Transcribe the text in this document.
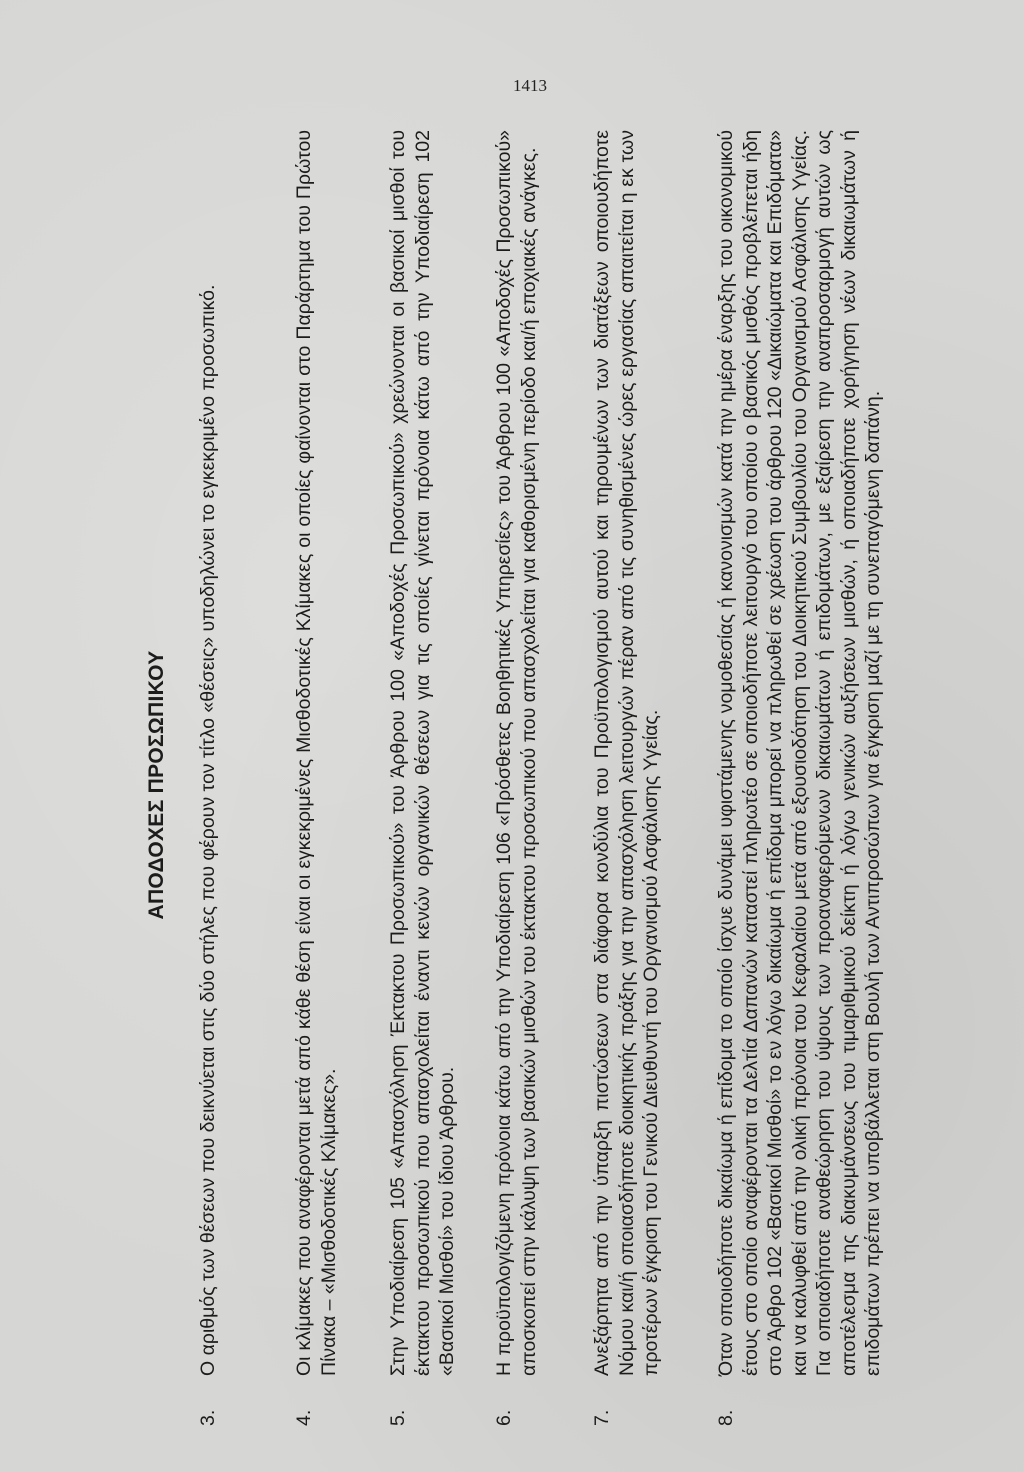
1413
ΑΠΟΔΟΧΕΣ ΠΡΟΣΩΠΙΚΟΥ
3.
Ο αριθμός των θέσεων που δεικνύεται στις δύο στήλες που φέρουν τον τίτλο «θέσεις» υποδηλώνει το εγκεκριμένο προσωπικό.
4.
Οι κλίμακες που αναφέρονται μετά από κάθε θέση είναι οι εγκεκριμένες Μισθοδοτικές Κλίμακες οι οποίες φαίνονται στο Παράρτημα του Πρώτου Πίνακα – «Μισθοδοτικές Κλίμακες».
5.
Στην Υποδιαίρεση 105 «Απασχόληση Έκτακτου Προσωπικού» του Άρθρου 100 «Αποδοχές Προσωπικού» χρεώνονται οι βασικοί μισθοί του έκτακτου προσωπικού που απασχολείται έναντι κενών οργανικών θέσεων για τις οποίες γίνεται πρόνοια κάτω από την Υποδιαίρεση 102 «Βασικοί Μισθοί» του ίδιου Άρθρου.
6.
Η προϋπολογιζόμενη πρόνοια κάτω από την Υποδιαίρεση 106 «Πρόσθετες Βοηθητικές Υπηρεσίες» του Άρθρου 100 «Αποδοχές Προσωπικού» αποσκοπεί στην κάλυψη των βασικών μισθών του έκτακτου προσωπικού που απασχολείται για καθορισμένη περίοδο και/ή εποχιακές ανάγκες.
7.
Ανεξάρτητα από την ύπαρξη πιστώσεων στα διάφορα κονδύλια του Προϋπολογισμού αυτού και τηρουμένων των διατάξεων οποιουδήποτε Νόμου και/ή οποιασδήποτε διοικητικής πράξης για την απασχόληση λειτουργών πέραν από τις συνηθισμένες ώρες εργασίας απαιτείται η εκ των προτέρων έγκριση του Γενικού Διευθυντή του Οργανισμού Ασφάλισης Υγείας.
8.
Όταν οποιοδήποτε δικαίωμα ή επίδομα το οποίο ίσχυε δυνάμει υφιστάμενης νομοθεσίας ή κανονισμών κατά την ημέρα έναρξης του οικονομικού έτους στο οποίο αναφέρονται τα Δελτία Δαπανών καταστεί πληρωτέο σε οποιοδήποτε λειτουργό του οποίου ο βασικός μισθός προβλέπεται ήδη στο Άρθρο 102 «Βασικοί Μισθοί» το εν λόγω δικαίωμα ή επίδομα μπορεί να πληρωθεί σε χρέωση του άρθρου 120 «Δικαιώματα και Επιδόματα» και να καλυφθεί από την ολική πρόνοια του Κεφαλαίου μετά από εξουσιοδότηση του Διοικητικού Συμβουλίου του Οργανισμού Ασφάλισης Υγείας. Για οποιαδήποτε αναθεώρηση του ύψους των προαναφερόμενων δικαιωμάτων ή επιδομάτων, με εξαίρεση την αναπροσαρμογή αυτών ως αποτέλεσμα της διακυμάνσεως του τιμαριθμικού δείκτη ή λόγω γενικών αυξήσεων μισθών, ή οποιαδήποτε χορήγηση νέων δικαιωμάτων ή επιδομάτων πρέπει να υποβάλλεται στη Βουλή των Αντιπροσώπων για έγκριση μαζί με τη συνεπαγόμενη δαπάνη.
